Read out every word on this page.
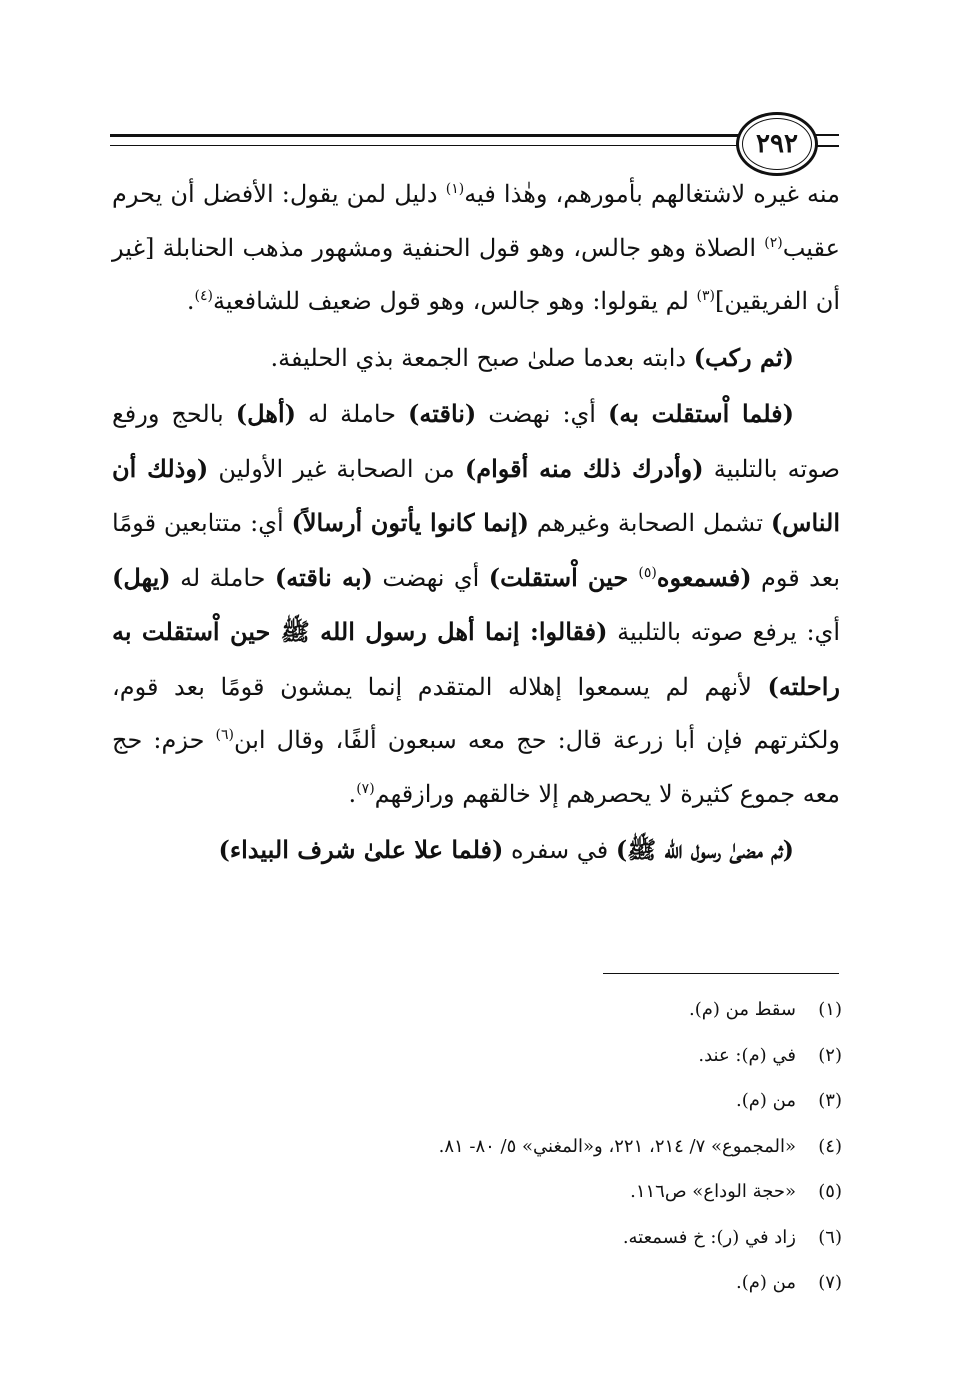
٢٩٢

منه غيره لاشتغالهم بأمورهم، وهٰذا فيه$^{(١)}$ دليل لمن يقول: الأفضل أن يحرم عقيب$^{(٢)}$ الصلاة وهو جالس، وهو قول الحنفية ومشهور مذهب الحنابلة [غير أن الفريقين]$^{(٣)}$ لم يقولوا: وهو جالس، وهو قول ضعيف للشافعية$^{(٤)}$.

(ثم ركب) دابته بعدما صلىٰ صبح الجمعة بذي الحليفة.

(فلما اْستقلت به) أي: نهضت (ناقته) حاملة له (أهل) بالحج ورفع صوته بالتلبية (وأدرك ذلك منه أقوام) من الصحابة غير الأولين (وذلك أن الناس) تشمل الصحابة وغيرهم (إنما كانوا يأتون أرسالاً) أي: متتابعين قومًا بعد قوم (فسمعوه$^{(٥)}$ حين اْستقلت) أي نهضت (به ناقته) حاملة له (يهل) أي: يرفع صوته بالتلبية (فقالوا: إنما أهل رسول الله ﷺ حين اْستقلت به راحلته) لأنهم لم يسمعوا إهلاله المتقدم إنما يمشون قومًا بعد قوم، ولكثرتهم فإن أبا زرعة قال: حج معه سبعون ألفًا، وقال ابن$^{(٦)}$ حزم: حج معه جموع كثيرة لا يحصرهم إلا خالقهم ورازقهم$^{(٧)}$.

(ثم مضىٰ رسول الله ﷺ) في سفره (فلما علا علىٰ شرف البيداء)

(١)
سقط من (م).
(٢)
في (م): عند.
(٣)
من (م).
(٤)
«المجموع» ٧/ ٢١٤، ٢٢١، و«المغني» ٥/ ٨٠- ٨١.
(٥)
«حجة الوداع» ص١١٦.
(٦)
زاد في (ر): خ فسمعته.
(٧)
من (م).
